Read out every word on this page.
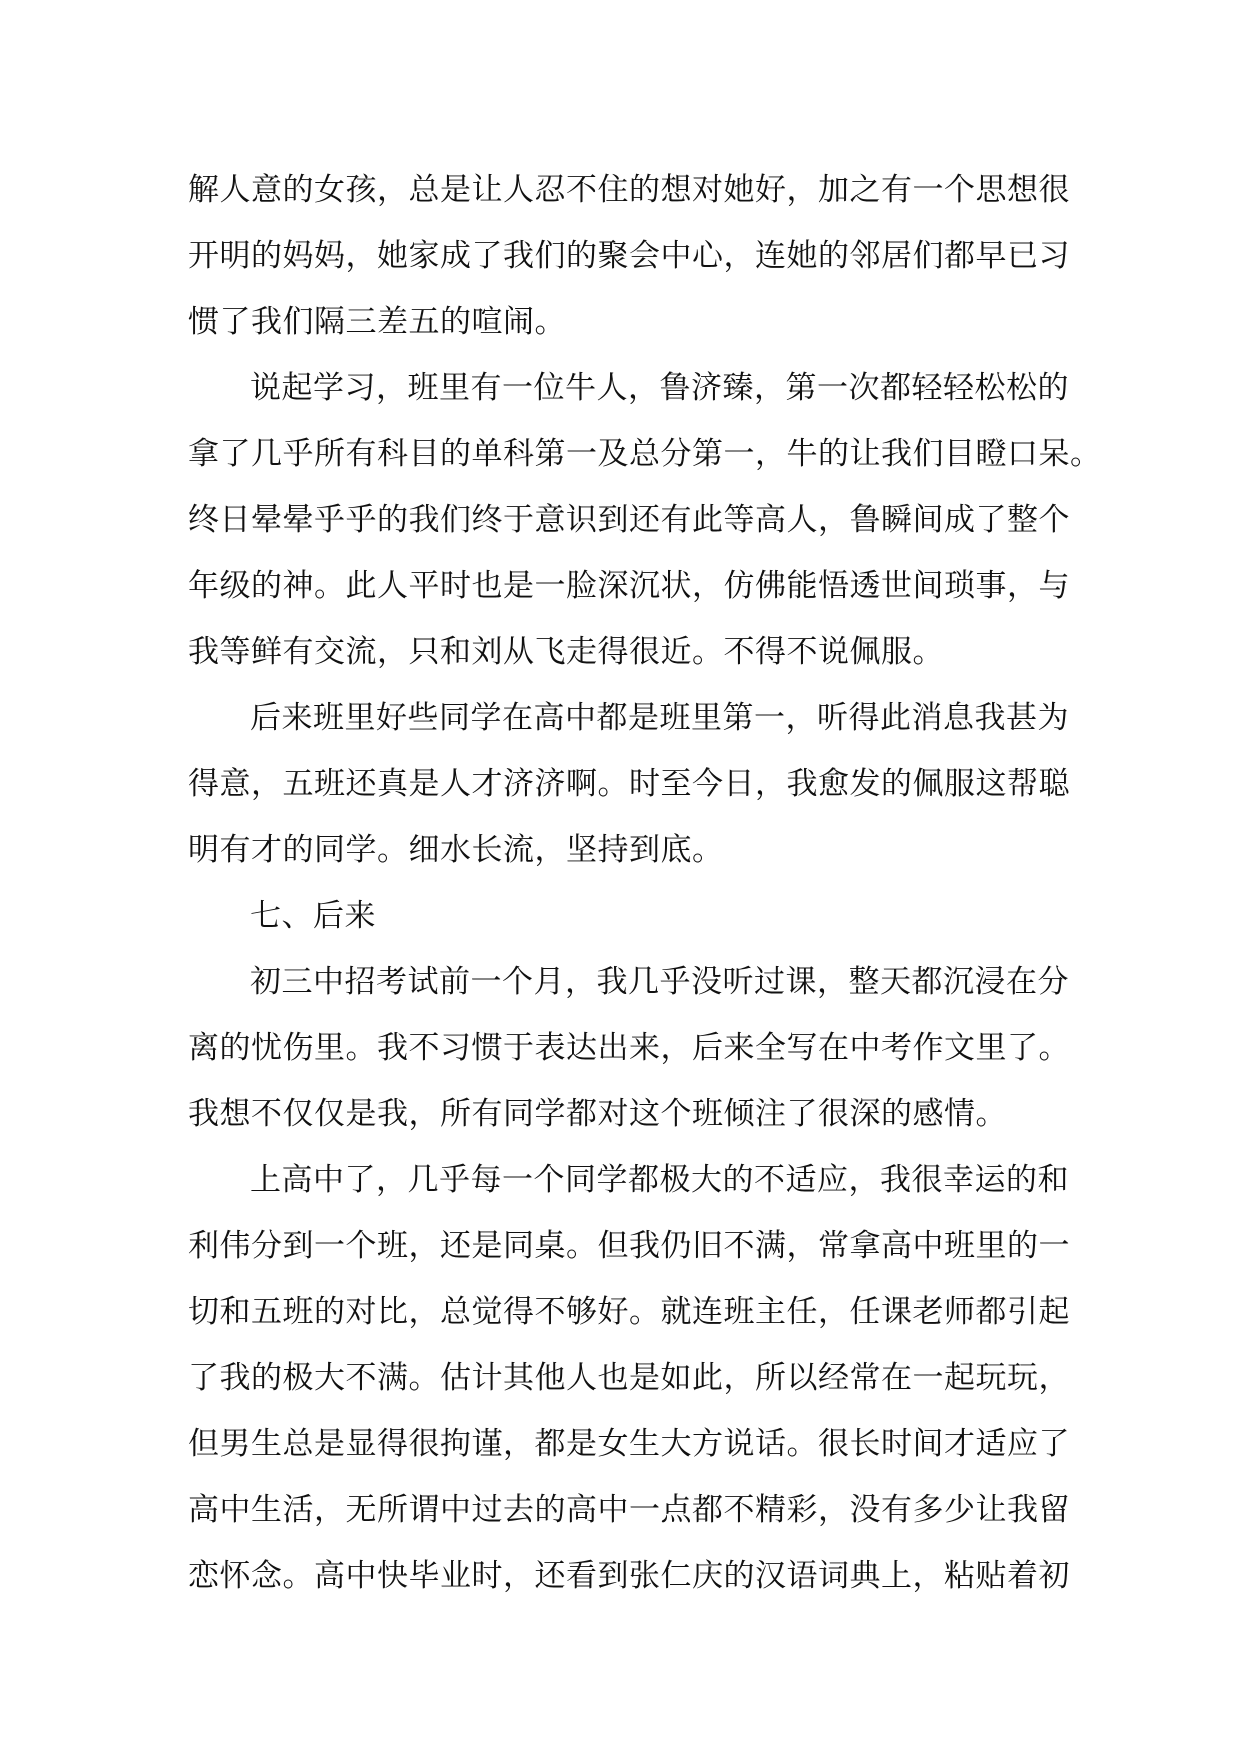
解人意的女孩，总是让人忍不住的想对她好，加之有一个思想很
开明的妈妈，她家成了我们的聚会中心，连她的邻居们都早已习
惯了我们隔三差五的喧闹。
说起学习，班里有一位牛人，鲁济臻，第一次都轻轻松松的
拿了几乎所有科目的单科第一及总分第一，牛的让我们目瞪口呆。
终日晕晕乎乎的我们终于意识到还有此等高人，鲁瞬间成了整个
年级的神。此人平时也是一脸深沉状，仿佛能悟透世间琐事，与
我等鲜有交流，只和刘从飞走得很近。不得不说佩服。
后来班里好些同学在高中都是班里第一，听得此消息我甚为
得意，五班还真是人才济济啊。时至今日，我愈发的佩服这帮聪
明有才的同学。细水长流，坚持到底。
七、后来
初三中招考试前一个月，我几乎没听过课，整天都沉浸在分
离的忧伤里。我不习惯于表达出来，后来全写在中考作文里了。
我想不仅仅是我，所有同学都对这个班倾注了很深的感情。
上高中了，几乎每一个同学都极大的不适应，我很幸运的和
利伟分到一个班，还是同桌。但我仍旧不满，常拿高中班里的一
切和五班的对比，总觉得不够好。就连班主任，任课老师都引起
了我的极大不满。估计其他人也是如此，所以经常在一起玩玩，
但男生总是显得很拘谨，都是女生大方说话。很长时间才适应了
高中生活，无所谓中过去的高中一点都不精彩，没有多少让我留
恋怀念。高中快毕业时，还看到张仁庆的汉语词典上，粘贴着初
